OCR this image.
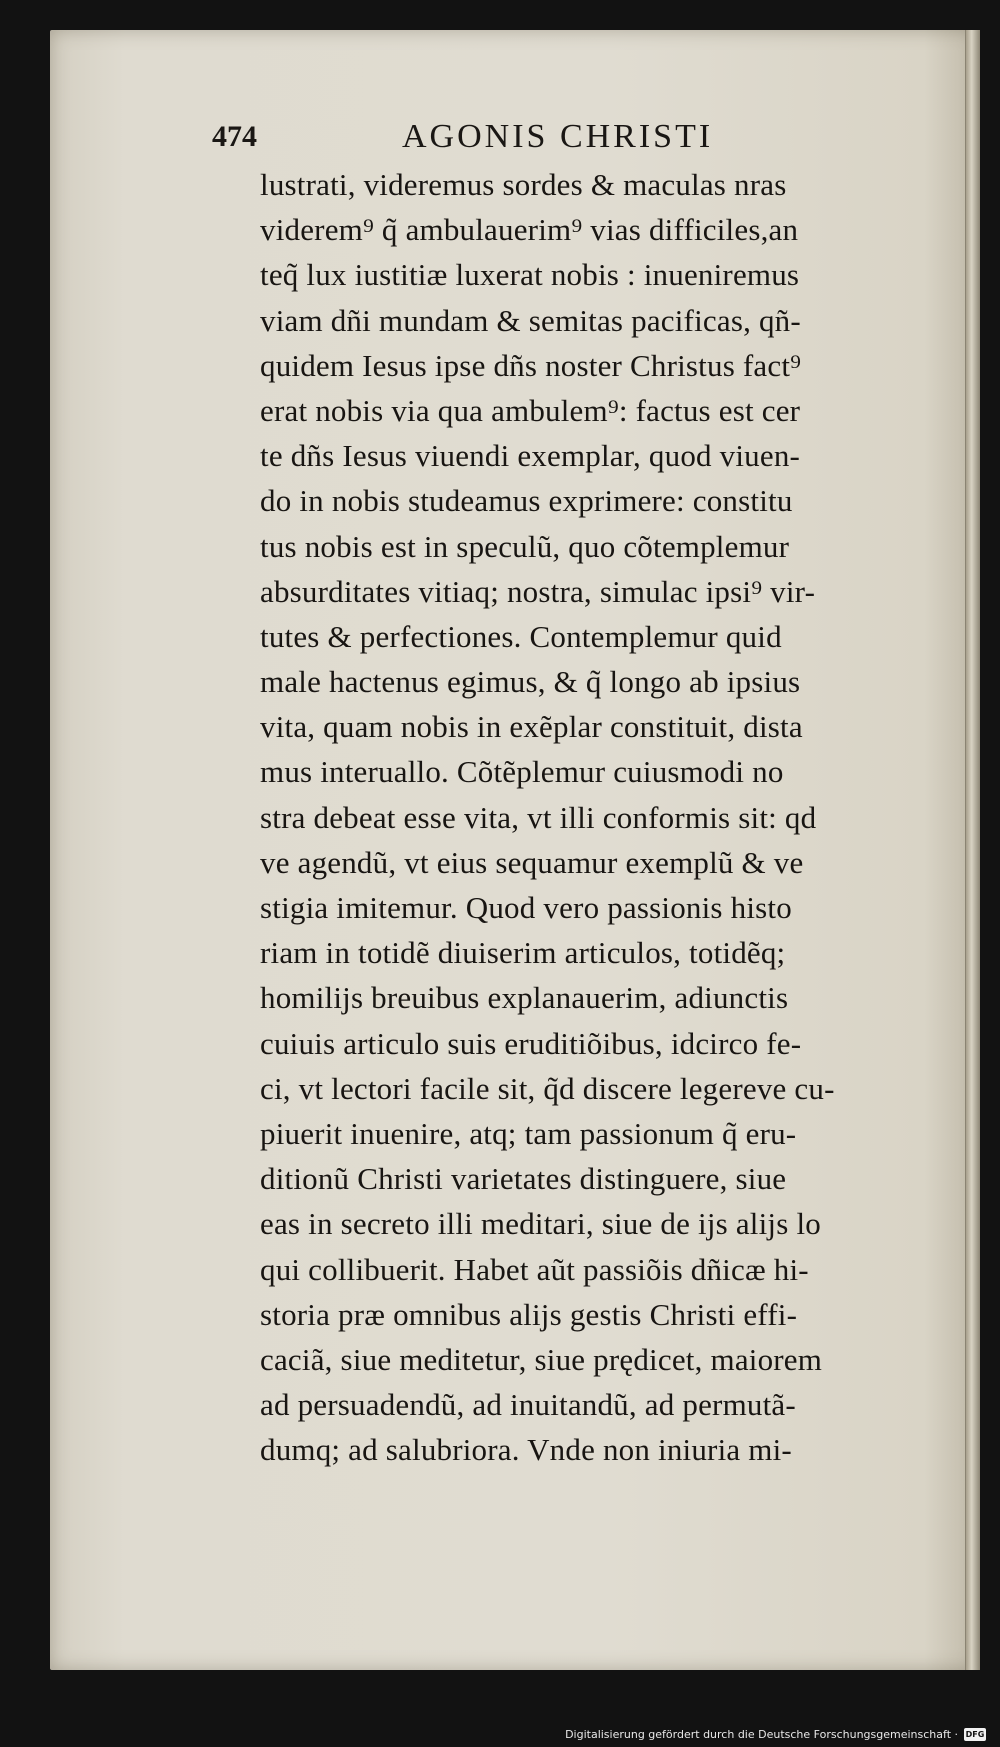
474	AGONIS CHRISTI
lustrati, videremus sordes & maculas nras
viderem⁹ q̃ ambulauerim⁹ vias difficiles,an
teq̃ lux iustitiæ luxerat nobis : inueniremus
viam dñi mundam & semitas pacificas, qñ-
quidem Iesus ipse dñs noster Christus fact⁹
erat nobis via qua ambulem⁹: factus est cer
te dñs Iesus viuendi exemplar, quod viuen-
do in nobis studeamus exprimere: constitu
tus nobis est in speculũ, quo cõtemplemur
absurditates vitiaq; nostra, simulac ipsi⁹ vir-
tutes & perfectiones. Contemplemur quid
male hactenus egimus, & q̃ longo ab ipsius
vita, quam nobis in exẽplar constituit, dista
mus interuallo. Cõtẽplemur cuiusmodi no
stra debeat esse vita, vt illi conformis sit: qd
ve agendũ, vt eius sequamur exemplũ & ve
stigia imitemur. Quod vero passionis histo
riam in totidẽ diuiserim articulos, totidẽq;
homilijs breuibus explanauerim, adiunctis
cuiuis articulo suis eruditiõibus, idcirco fe-
ci, vt lectori facile sit, q̃d discere legereve cu-
piuerit inuenire, atq; tam passionum q̃ eru-
ditionũ Christi varietates distinguere, siue
eas in secreto illi meditari, siue de ijs alijs lo
qui collibuerit. Habet aũt passiõis dñicæ hi-
storia præ omnibus alijs gestis Christi effi-
caciã, siue meditetur, siue prędicet, maiorem
ad persuadendũ, ad inuitandũ, ad permutã-
dumq; ad salubriora. Vnde non iniuria mi-
Digitalisierung gefördert durch die Deutsche Forschungsgemeinschaft · DFG
